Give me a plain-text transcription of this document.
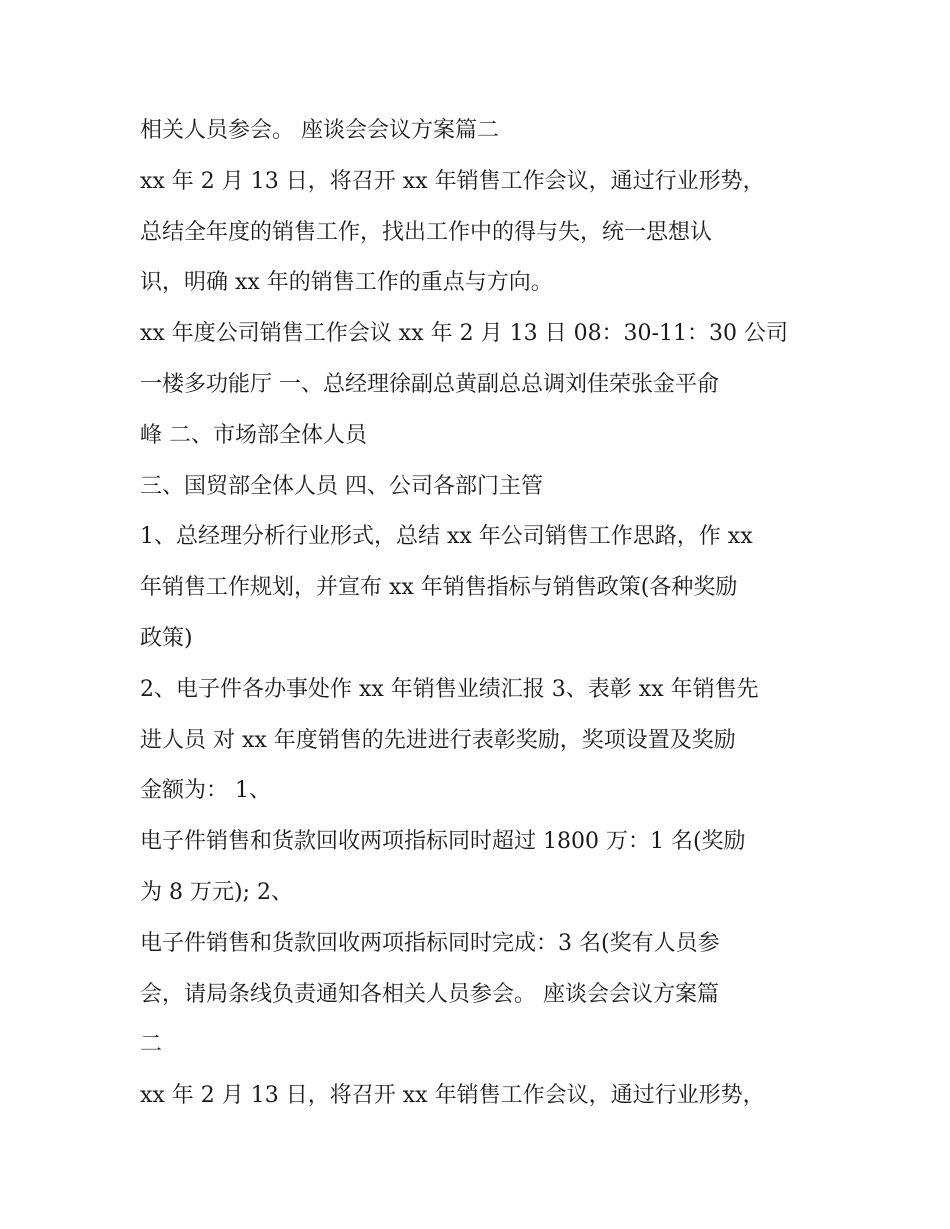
相关人员参会。 座谈会会议方案篇二
xx 年 2 月 13 日，将召开 xx 年销售工作会议，通过行业形势，
总结全年度的销售工作，找出工作中的得与失，统一思想认
识，明确 xx 年的销售工作的重点与方向。
xx 年度公司销售工作会议 xx 年 2 月 13 日 08：30-11：30 公司
一楼多功能厅 一、总经理徐副总黄副总总调刘佳荣张金平俞
峰 二、市场部全体人员
三、国贸部全体人员 四、公司各部门主管
1、总经理分析行业形式，总结 xx 年公司销售工作思路，作 xx
年销售工作规划，并宣布 xx 年销售指标与销售政策(各种奖励
政策)
2、电子件各办事处作 xx 年销售业绩汇报 3、表彰 xx 年销售先
进人员 对 xx 年度销售的先进进行表彰奖励，奖项设置及奖励
金额为： 1、
电子件销售和货款回收两项指标同时超过 1800 万：1 名(奖励
为 8 万元); 2、
电子件销售和货款回收两项指标同时完成：3 名(奖有人员参
会，请局条线负责通知各相关人员参会。 座谈会会议方案篇
二
xx 年 2 月 13 日，将召开 xx 年销售工作会议，通过行业形势，
